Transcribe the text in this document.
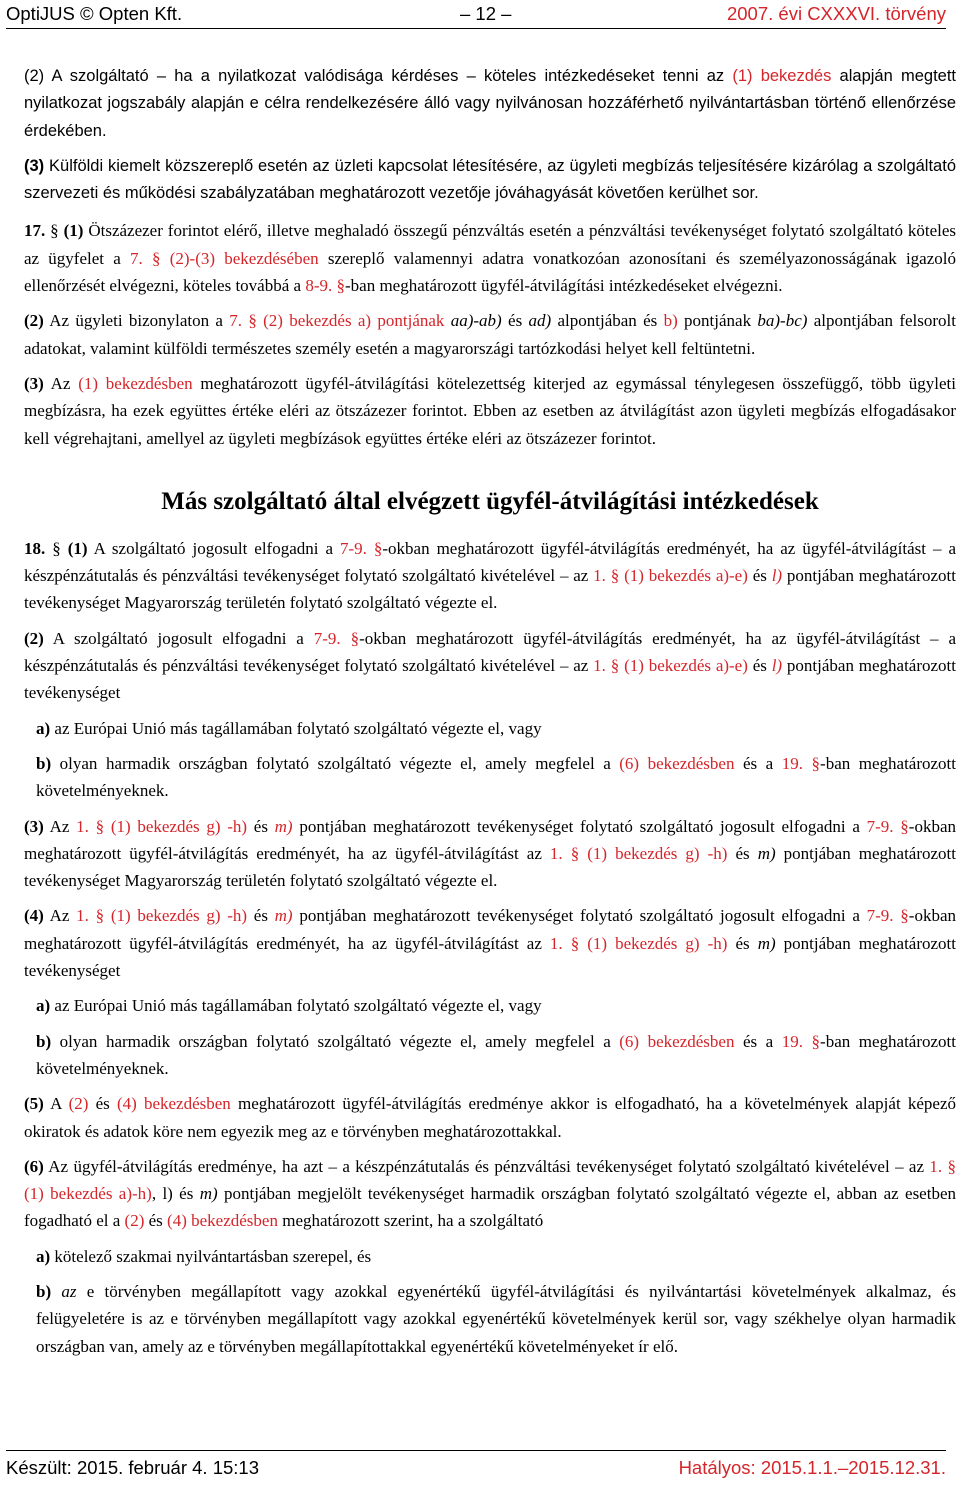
OptiJUS © Opten Kft.	– 12 –	2007. évi CXXXVI. törvény

(2) A szolgáltató – ha a nyilatkozat valódisága kérdéses – köteles intézkedéseket tenni az (1) bekezdés alapján megtett nyilatkozat jogszabály alapján e célra rendelkezésére álló vagy nyilvánosan hozzáférhető nyilvántartásban történő ellenőrzése érdekében.

(3) Külföldi kiemelt közszereplő esetén az üzleti kapcsolat létesítésére, az ügyleti megbízás teljesítésére kizárólag a szolgáltató szervezeti és működési szabályzatában meghatározott vezetője jóváhagyását követően kerülhet sor.

17. § (1) Ötszázezer forintot elérő, illetve meghaladó összegű pénzváltás esetén a pénzváltási tevékenységet folytató szolgáltató köteles az ügyfelet a 7. § (2)-(3) bekezdésében szereplő valamennyi adatra vonatkozóan azonosítani és személyazonosságának igazoló ellenőrzését elvégezni, köteles továbbá a 8-9. §-ban meghatározott ügyfél-átvilágítási intézkedéseket elvégezni.

(2) Az ügyleti bizonylaton a 7. § (2) bekezdés a) pontjának aa)-ab) és ad) alpontjában és b) pontjának ba)-bc) alpontjában felsorolt adatokat, valamint külföldi természetes személy esetén a magyarországi tartózkodási helyet kell feltüntetni.

(3) Az (1) bekezdésben meghatározott ügyfél-átvilágítási kötelezettség kiterjed az egymással ténylegesen összefüggő, több ügyleti megbízásra, ha ezek együttes értéke eléri az ötszázezer forintot. Ebben az esetben az átvilágítást azon ügyleti megbízás elfogadásakor kell végrehajtani, amellyel az ügyleti megbízások együttes értéke eléri az ötszázezer forintot.

Más szolgáltató által elvégzett ügyfél-átvilágítási intézkedések

18. § (1) A szolgáltató jogosult elfogadni a 7-9. §-okban meghatározott ügyfél-átvilágítás eredményét, ha az ügyfél-átvilágítást – a készpénzátutalás és pénzváltási tevékenységet folytató szolgáltató kivételével – az 1. § (1) bekezdés a)-e) és l) pontjában meghatározott tevékenységet Magyarország területén folytató szolgáltató végezte el.

(2) A szolgáltató jogosult elfogadni a 7-9. §-okban meghatározott ügyfél-átvilágítás eredményét, ha az ügyfél-átvilágítást – a készpénzátutalás és pénzváltási tevékenységet folytató szolgáltató kivételével – az 1. § (1) bekezdés a)-e) és l) pontjában meghatározott tevékenységet

a) az Európai Unió más tagállamában folytató szolgáltató végezte el, vagy

b) olyan harmadik országban folytató szolgáltató végezte el, amely megfelel a (6) bekezdésben és a 19. §-ban meghatározott követelményeknek.

(3) Az 1. § (1) bekezdés g) -h) és m) pontjában meghatározott tevékenységet folytató szolgáltató jogosult elfogadni a 7-9. §-okban meghatározott ügyfél-átvilágítás eredményét, ha az ügyfél-átvilágítást az 1. § (1) bekezdés g) -h) és m) pontjában meghatározott tevékenységet Magyarország területén folytató szolgáltató végezte el.

(4) Az 1. § (1) bekezdés g) -h) és m) pontjában meghatározott tevékenységet folytató szolgáltató jogosult elfogadni a 7-9. §-okban meghatározott ügyfél-átvilágítás eredményét, ha az ügyfél-átvilágítást az 1. § (1) bekezdés g) -h) és m) pontjában meghatározott tevékenységet

a) az Európai Unió más tagállamában folytató szolgáltató végezte el, vagy

b) olyan harmadik országban folytató szolgáltató végezte el, amely megfelel a (6) bekezdésben és a 19. §-ban meghatározott követelményeknek.

(5) A (2) és (4) bekezdésben meghatározott ügyfél-átvilágítás eredménye akkor is elfogadható, ha a követelmények alapját képező okiratok és adatok köre nem egyezik meg az e törvényben meghatározottakkal.

(6) Az ügyfél-átvilágítás eredménye, ha azt – a készpénzátutalás és pénzváltási tevékenységet folytató szolgáltató kivételével – az 1. § (1) bekezdés a)-h), l) és m) pontjában megjelölt tevékenységet harmadik országban folytató szolgáltató végezte el, abban az esetben fogadható el a (2) és (4) bekezdésben meghatározott szerint, ha a szolgáltató

a) kötelező szakmai nyilvántartásban szerepel, és

b) az e törvényben megállapított vagy azokkal egyenértékű ügyfél-átvilágítási és nyilvántartási követelmények alkalmaz, és felügyeletére is az e törvényben megállapított vagy azokkal egyenértékű követelmények kerül sor, vagy székhelye olyan harmadik országban van, amely az e törvényben megállapítottakkal egyenértékű követelményeket ír elő.

Készült: 2015. február 4. 15:13	Hatályos: 2015.1.1.–2015.12.31.
